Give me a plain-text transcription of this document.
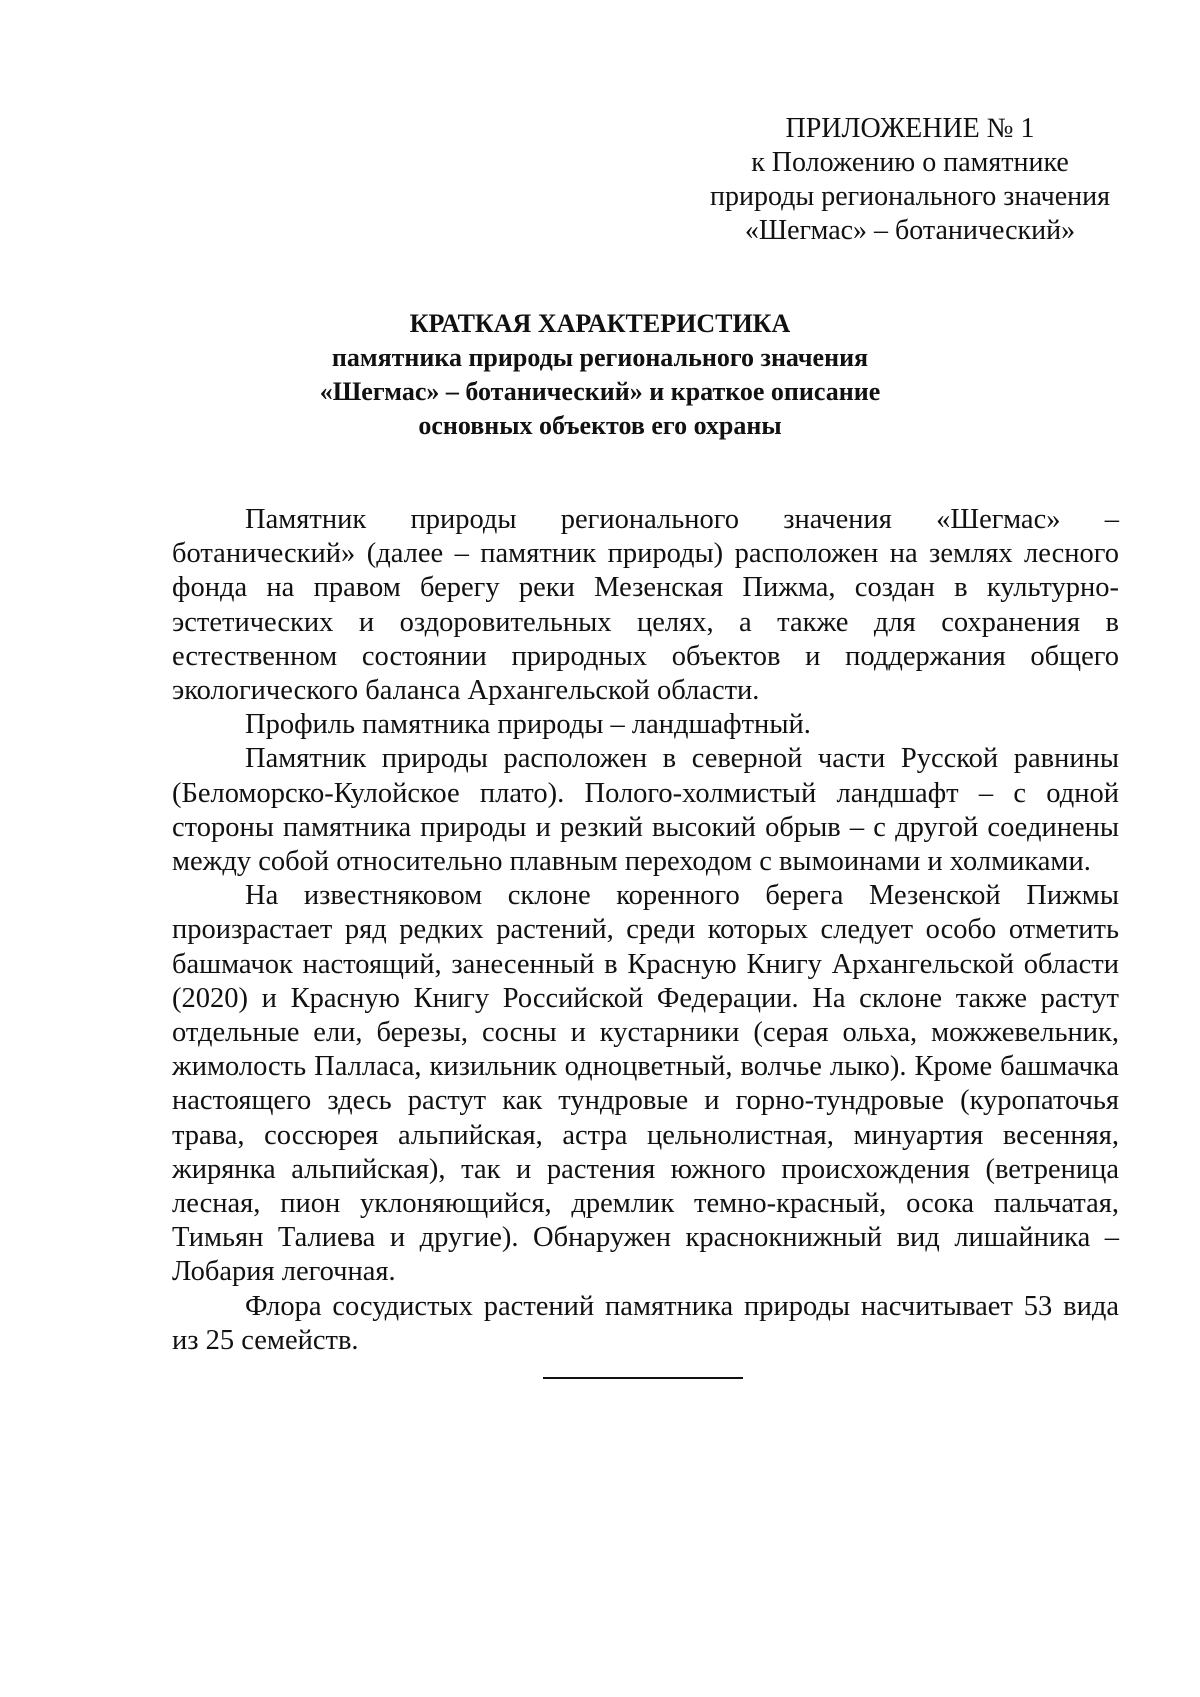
ПРИЛОЖЕНИЕ № 1
к Положению о памятнике
природы регионального значения
«Шегмас» – ботанический»
КРАТКАЯ ХАРАКТЕРИСТИКА
памятника природы регионального значения
«Шегмас» – ботанический» и краткое описание
основных объектов его охраны

Памятник природы регионального значения «Шегмас» – ботанический» (далее – памятник природы) расположен на землях лесного фонда на правом берегу реки Мезенская Пижма, создан в культурно-эстетических и оздоровительных целях, а также для сохранения в естественном состоянии природных объектов и поддержания общего экологического баланса Архангельской области.

Профиль памятника природы – ландшафтный.

Памятник природы расположен в северной части Русской равнины (Беломорско-Кулойское плато). Полого-холмистый ландшафт – с одной стороны памятника природы и резкий высокий обрыв – с другой соединены между собой относительно плавным переходом с вымоинами и холмиками.

На известняковом склоне коренного берега Мезенской Пижмы произрастает ряд редких растений, среди которых следует особо отметить башмачок настоящий, занесенный в Красную Книгу Архангельской области (2020) и Красную Книгу Российской Федерации. На склоне также растут отдельные ели, березы, сосны и кустарники (серая ольха, можжевельник, жимолость Палласа, кизильник одноцветный, волчье лыко). Кроме башмачка настоящего здесь растут как тундровые и горно-тундровые (куропаточья трава, соссюрея альпийская, астра цельнолистная, минуартия весенняя, жирянка альпийская), так и растения южного происхождения (ветреница лесная, пион уклоняющийся, дремлик темно-красный, осока пальчатая, Тимьян Талиева и другие). Обнаружен краснокнижный вид лишайника – Лобария легочная.

Флора сосудистых растений памятника природы насчитывает 53 вида из 25 семейств.
